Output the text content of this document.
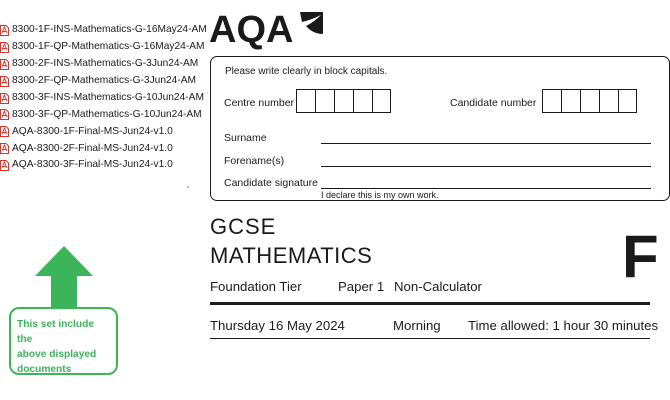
8300-1F-INS-Mathematics-G-16May24-AM
8300-1F-QP-Mathematics-G-16May24-AM
8300-2F-INS-Mathematics-G-3Jun24-AM
8300-2F-QP-Mathematics-G-3Jun24-AM
8300-3F-INS-Mathematics-G-10Jun24-AM
8300-3F-QP-Mathematics-G-10Jun24-AM
AQA-8300-1F-Final-MS-Jun24-v1.0
AQA-8300-2F-Final-MS-Jun24-v1.0
AQA-8300-3F-Final-MS-Jun24-v1.0
This set include the
above displayed
documents
AQA
Please write clearly in block capitals.
Centre number	Candidate number
Surname
Forename(s)
Candidate signature
I declare this is my own work.
GCSE
MATHEMATICS	F
Foundation Tier	Paper 1 Non-Calculator
Thursday 16 May 2024	Morning Time allowed: 1 hour 30 minutes
